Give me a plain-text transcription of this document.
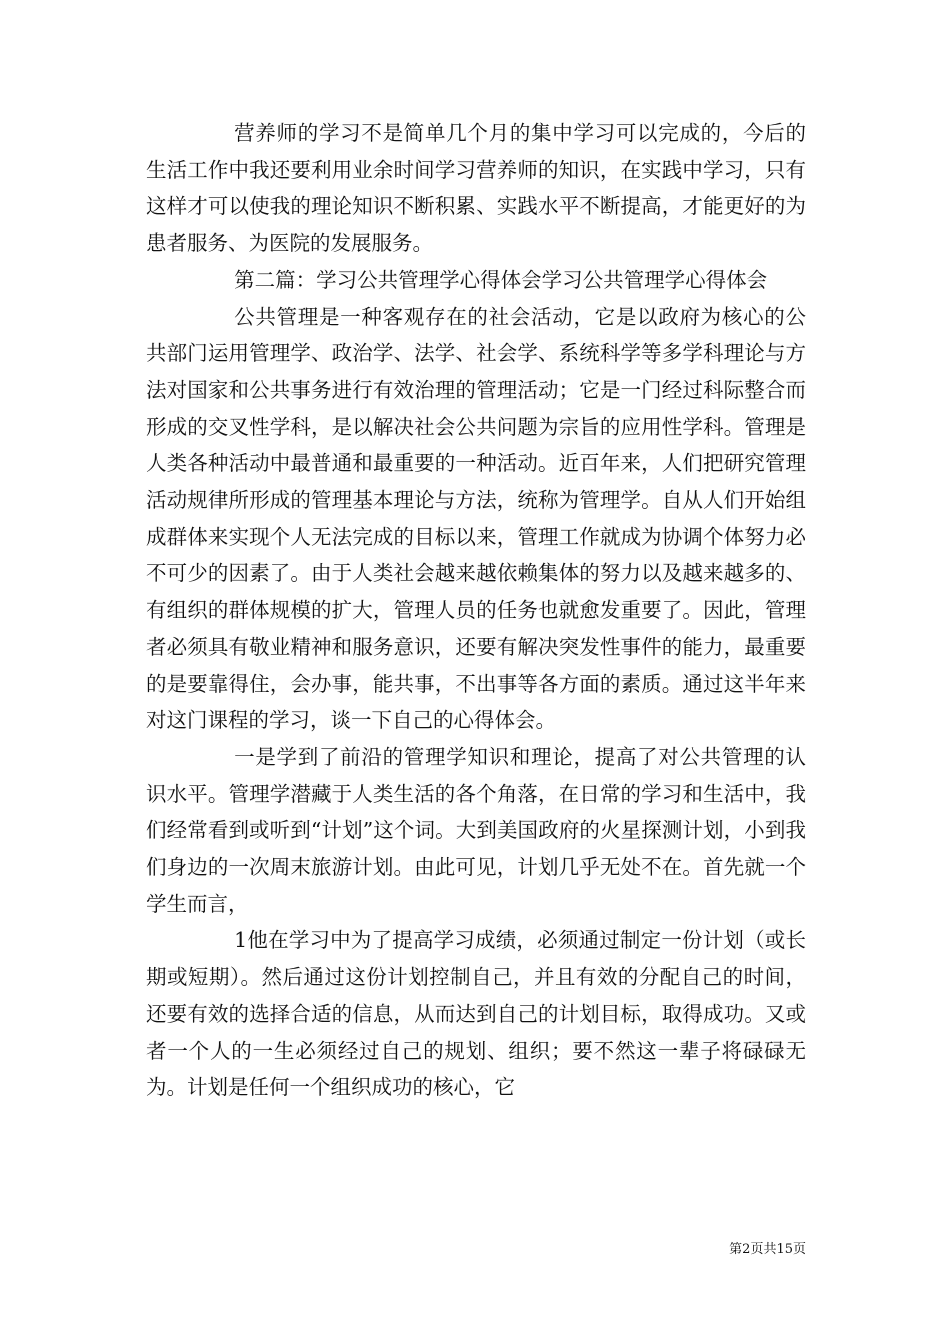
营养师的学习不是简单几个月的集中学习可以完成的，今后的生活工作中我还要利用业余时间学习营养师的知识，在实践中学习，只有这样才可以使我的理论知识不断积累、实践水平不断提高，才能更好的为患者服务、为医院的发展服务。

第二篇：学习公共管理学心得体会学习公共管理学心得体会

公共管理是一种客观存在的社会活动，它是以政府为核心的公共部门运用管理学、政治学、法学、社会学、系统科学等多学科理论与方法对国家和公共事务进行有效治理的管理活动；它是一门经过科际整合而形成的交叉性学科，是以解决社会公共问题为宗旨的应用性学科。管理是人类各种活动中最普通和最重要的一种活动。近百年来，人们把研究管理活动规律所形成的管理基本理论与方法，统称为管理学。自从人们开始组成群体来实现个人无法完成的目标以来，管理工作就成为协调个体努力必不可少的因素了。由于人类社会越来越依赖集体的努力以及越来越多的、有组织的群体规模的扩大，管理人员的任务也就愈发重要了。因此，管理者必须具有敬业精神和服务意识，还要有解决突发性事件的能力，最重要的是要靠得住，会办事，能共事，不出事等各方面的素质。通过这半年来对这门课程的学习，谈一下自己的心得体会。

一是学到了前沿的管理学知识和理论，提高了对公共管理的认识水平。管理学潜藏于人类生活的各个角落，在日常的学习和生活中，我们经常看到或听到“计划”这个词。大到美国政府的火星探测计划，小到我们身边的一次周末旅游计划。由此可见，计划几乎无处不在。首先就一个学生而言，

1他在学习中为了提高学习成绩，必须通过制定一份计划（或长期或短期）。然后通过这份计划控制自己，并且有效的分配自己的时间，还要有效的选择合适的信息，从而达到自己的计划目标，取得成功。又或者一个人的一生必须经过自己的规划、组织；要不然这一辈子将碌碌无为。计划是任何一个组织成功的核心，它

第2页共15页
